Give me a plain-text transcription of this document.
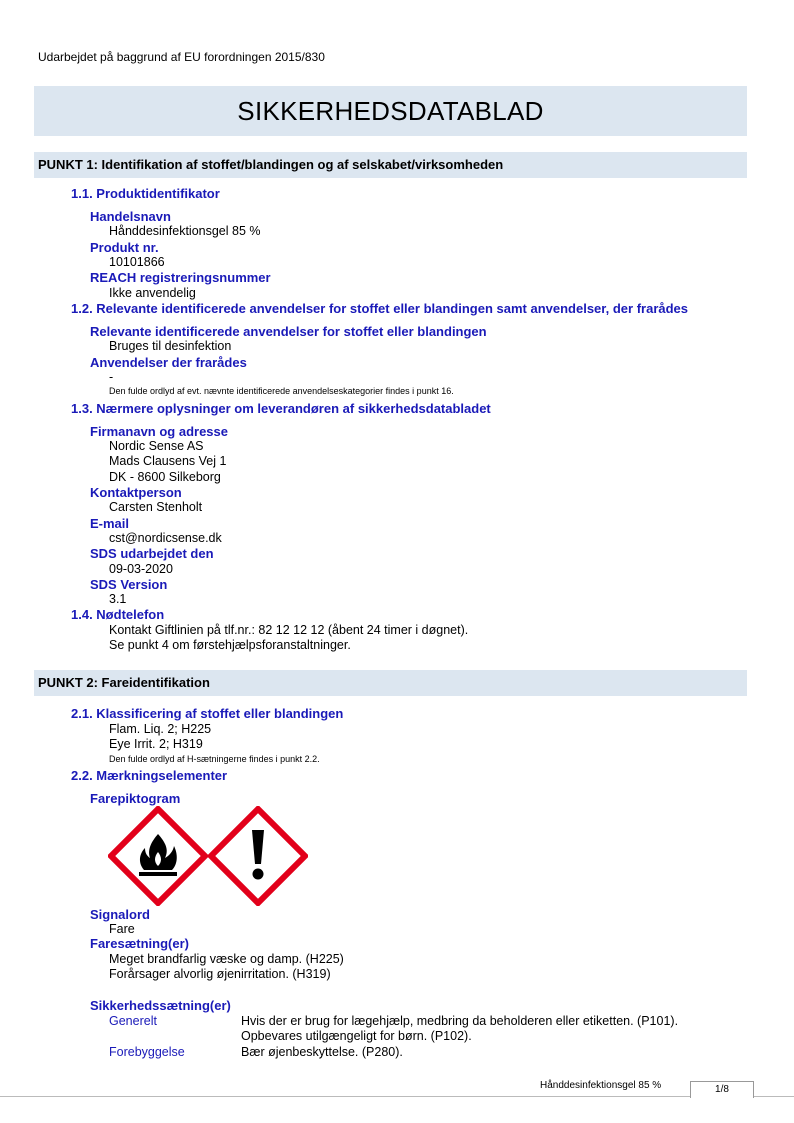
Udarbejdet på baggrund af EU forordningen 2015/830
SIKKERHEDSDATABLAD
PUNKT 1: Identifikation af stoffet/blandingen og af selskabet/virksomheden
1.1. Produktidentifikator
Handelsnavn
Hånddesinfektionsgel 85 %
Produkt nr.
10101866
REACH registreringsnummer
Ikke anvendelig
1.2. Relevante identificerede anvendelser for stoffet eller blandingen samt anvendelser, der frarådes
Relevante identificerede anvendelser for stoffet eller blandingen
Bruges til desinfektion
Anvendelser der frarådes
-
Den fulde ordlyd af evt. nævnte identificerede anvendelseskategorier findes i punkt 16.
1.3. Nærmere oplysninger om leverandøren af sikkerhedsdatabladet
Firmanavn og adresse
Nordic Sense AS
Mads Clausens Vej 1
DK - 8600 Silkeborg
Kontaktperson
Carsten Stenholt
E-mail
cst@nordicsense.dk
SDS udarbejdet den
09-03-2020
SDS Version
3.1
1.4. Nødtelefon
Kontakt Giftlinien på tlf.nr.: 82 12 12 12 (åbent 24 timer i døgnet).
Se punkt 4 om førstehjælpsforanstaltninger.
PUNKT 2: Fareidentifikation
2.1. Klassificering af stoffet eller blandingen
Flam. Liq. 2; H225
Eye Irrit. 2; H319
Den fulde ordlyd af H-sætningerne findes i punkt 2.2.
2.2. Mærkningselementer
Farepiktogram
Signalord
Fare
Faresætning(er)
Meget brandfarlig væske og damp. (H225)
Forårsager alvorlig øjenirritation. (H319)
Sikkerhedssætning(er)
Generelt	Hvis der er brug for lægehjælp, medbring da beholderen eller etiketten. (P101).
Opbevares utilgængeligt for børn. (P102).
Forebyggelse	Bær øjenbeskyttelse. (P280).
Hånddesinfektionsgel 85 %	1/8
